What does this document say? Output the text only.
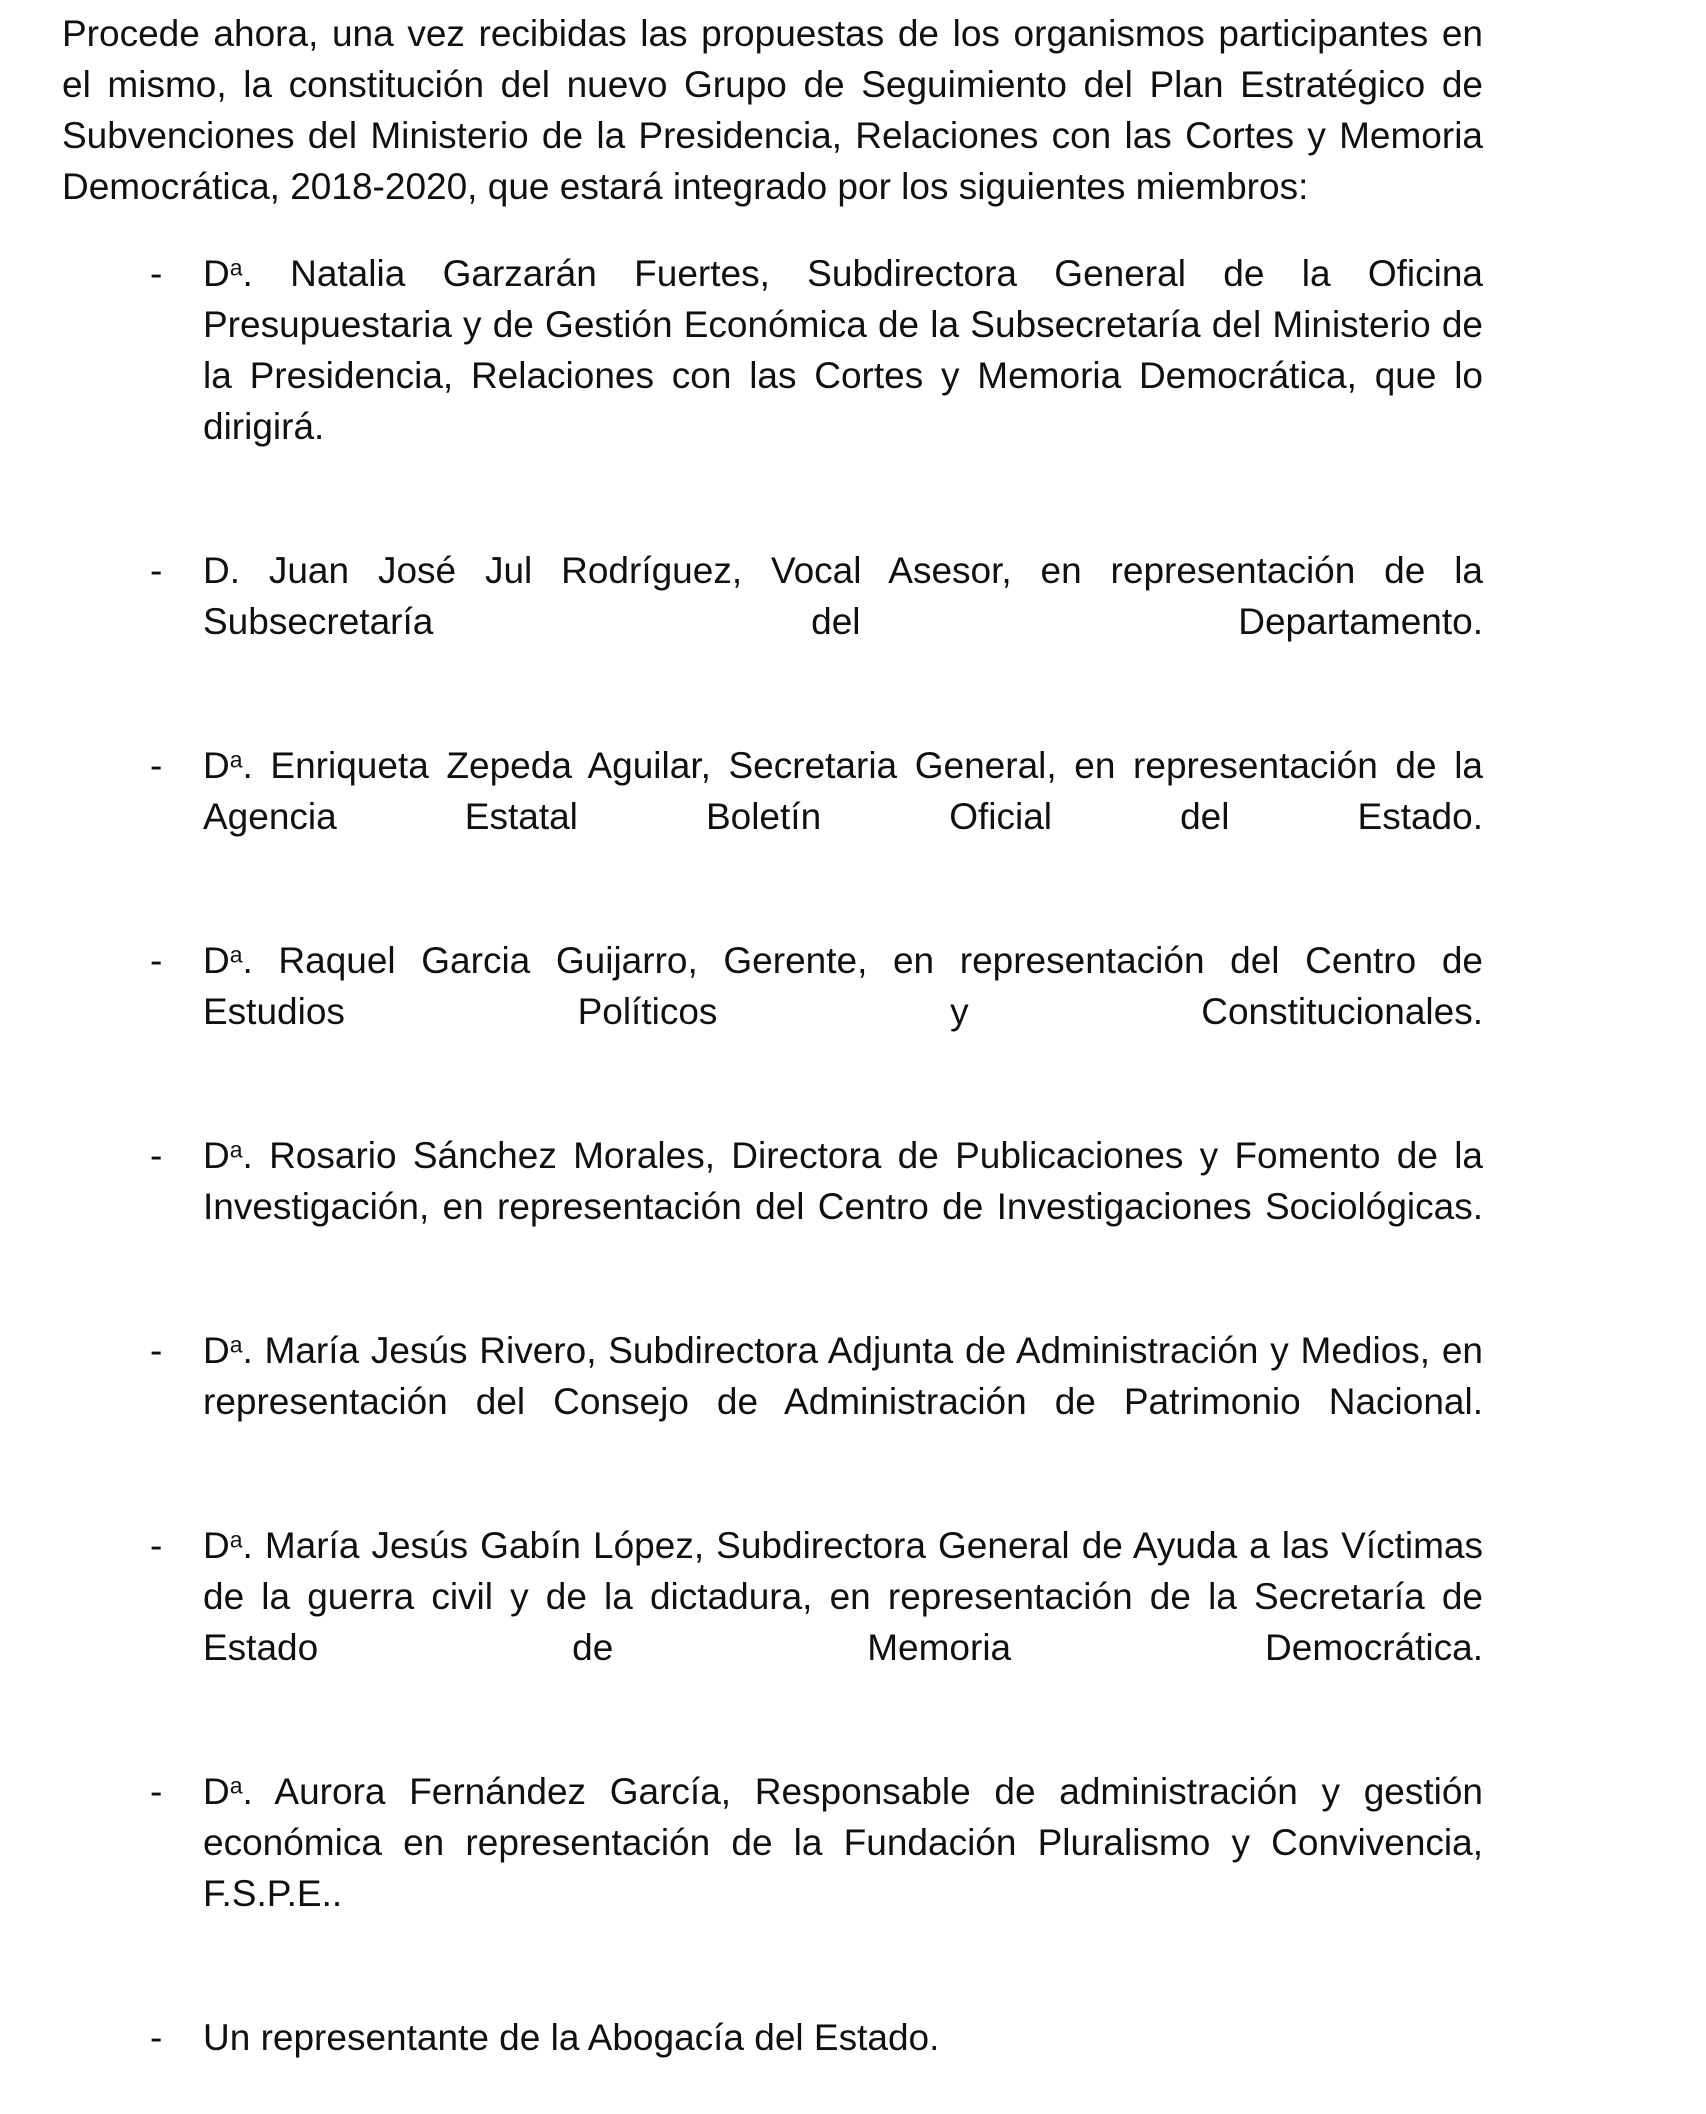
Procede ahora, una vez recibidas las propuestas de los organismos participantes en el mismo, la constitución del nuevo Grupo de Seguimiento del Plan Estratégico de Subvenciones del Ministerio de la Presidencia, Relaciones con las Cortes y Memoria Democrática, 2018-2020, que estará integrado por los siguientes miembros:

-	$D^a$. Natalia Garzarán Fuertes, Subdirectora General de la Oficina Presupuestaria y de Gestión Económica de la Subsecretaría del Ministerio de la Presidencia, Relaciones con las Cortes y Memoria Democrática, que lo dirigirá.
-	D. Juan José Jul Rodríguez, Vocal Asesor, en representación de la Subsecretaría del Departamento.
-	$D^a$. Enriqueta Zepeda Aguilar, Secretaria General, en representación de la Agencia Estatal Boletín Oficial del Estado.
-	$D^a$. Raquel Garcia Guijarro, Gerente, en representación del Centro de Estudios Políticos y Constitucionales.
-	$D^a$. Rosario Sánchez Morales, Directora de Publicaciones y Fomento de la Investigación, en representación del Centro de Investigaciones Sociológicas.
-	$D^a$. María Jesús Rivero, Subdirectora Adjunta de Administración y Medios, en representación del Consejo de Administración de Patrimonio Nacional.
-	$D^a$. María Jesús Gabín López, Subdirectora General de Ayuda a las Víctimas de la guerra civil y de la dictadura, en representación de la Secretaría de Estado de Memoria Democrática.
-	$D^a$. Aurora Fernández García, Responsable de administración y gestión económica en representación de la Fundación Pluralismo y Convivencia, F.S.P.E..
-	Un representante de la Abogacía del Estado.
